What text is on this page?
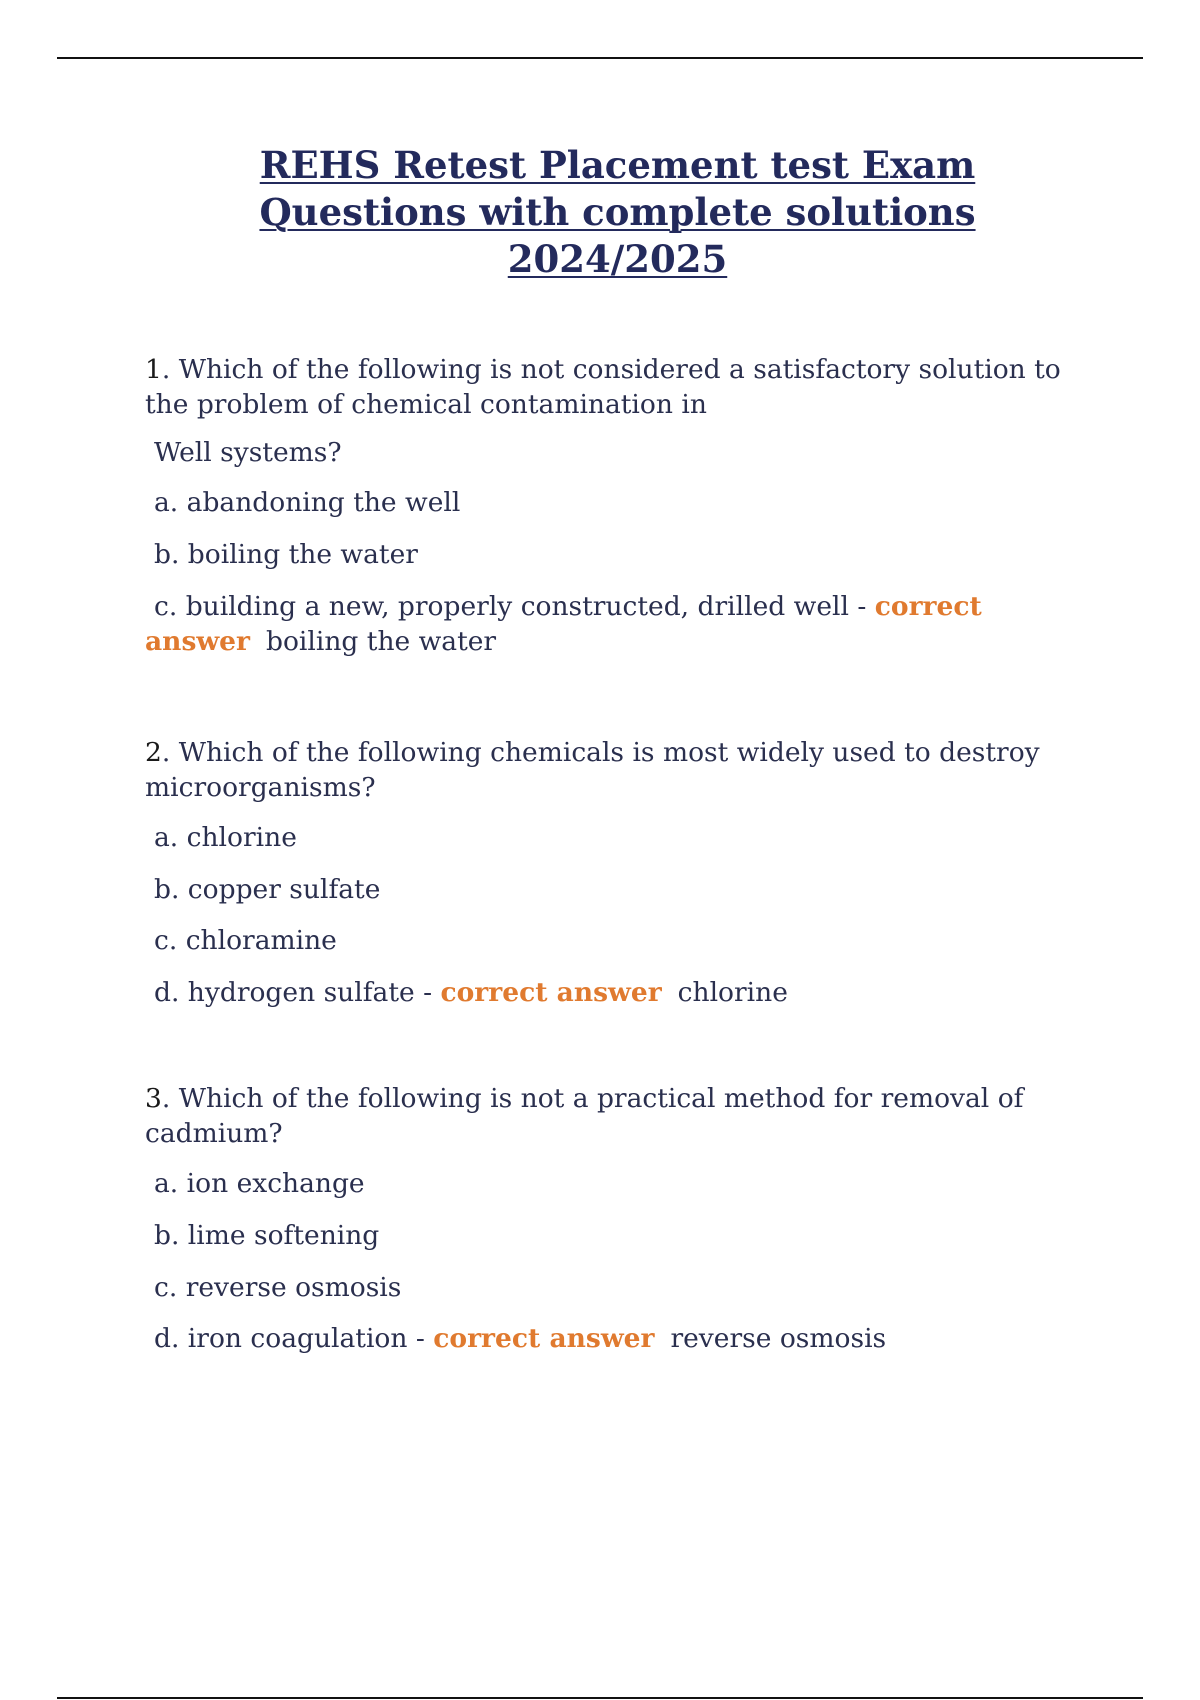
REHS Retest Placement test Exam
Questions with complete solutions
2024/2025

1. Which of the following is not considered a satisfactory solution to the problem of chemical contamination in

Well systems?

a. abandoning the well

b. boiling the water

c. building a new, properly constructed, drilled well - correct
answer boiling the water

2. Which of the following chemicals is most widely used to destroy microorganisms?

a. chlorine

b. copper sulfate

c. chloramine

d. hydrogen sulfate - correct answer chlorine

3. Which of the following is not a practical method for removal of cadmium?

a. ion exchange

b. lime softening

c. reverse osmosis

d. iron coagulation - correct answer reverse osmosis
